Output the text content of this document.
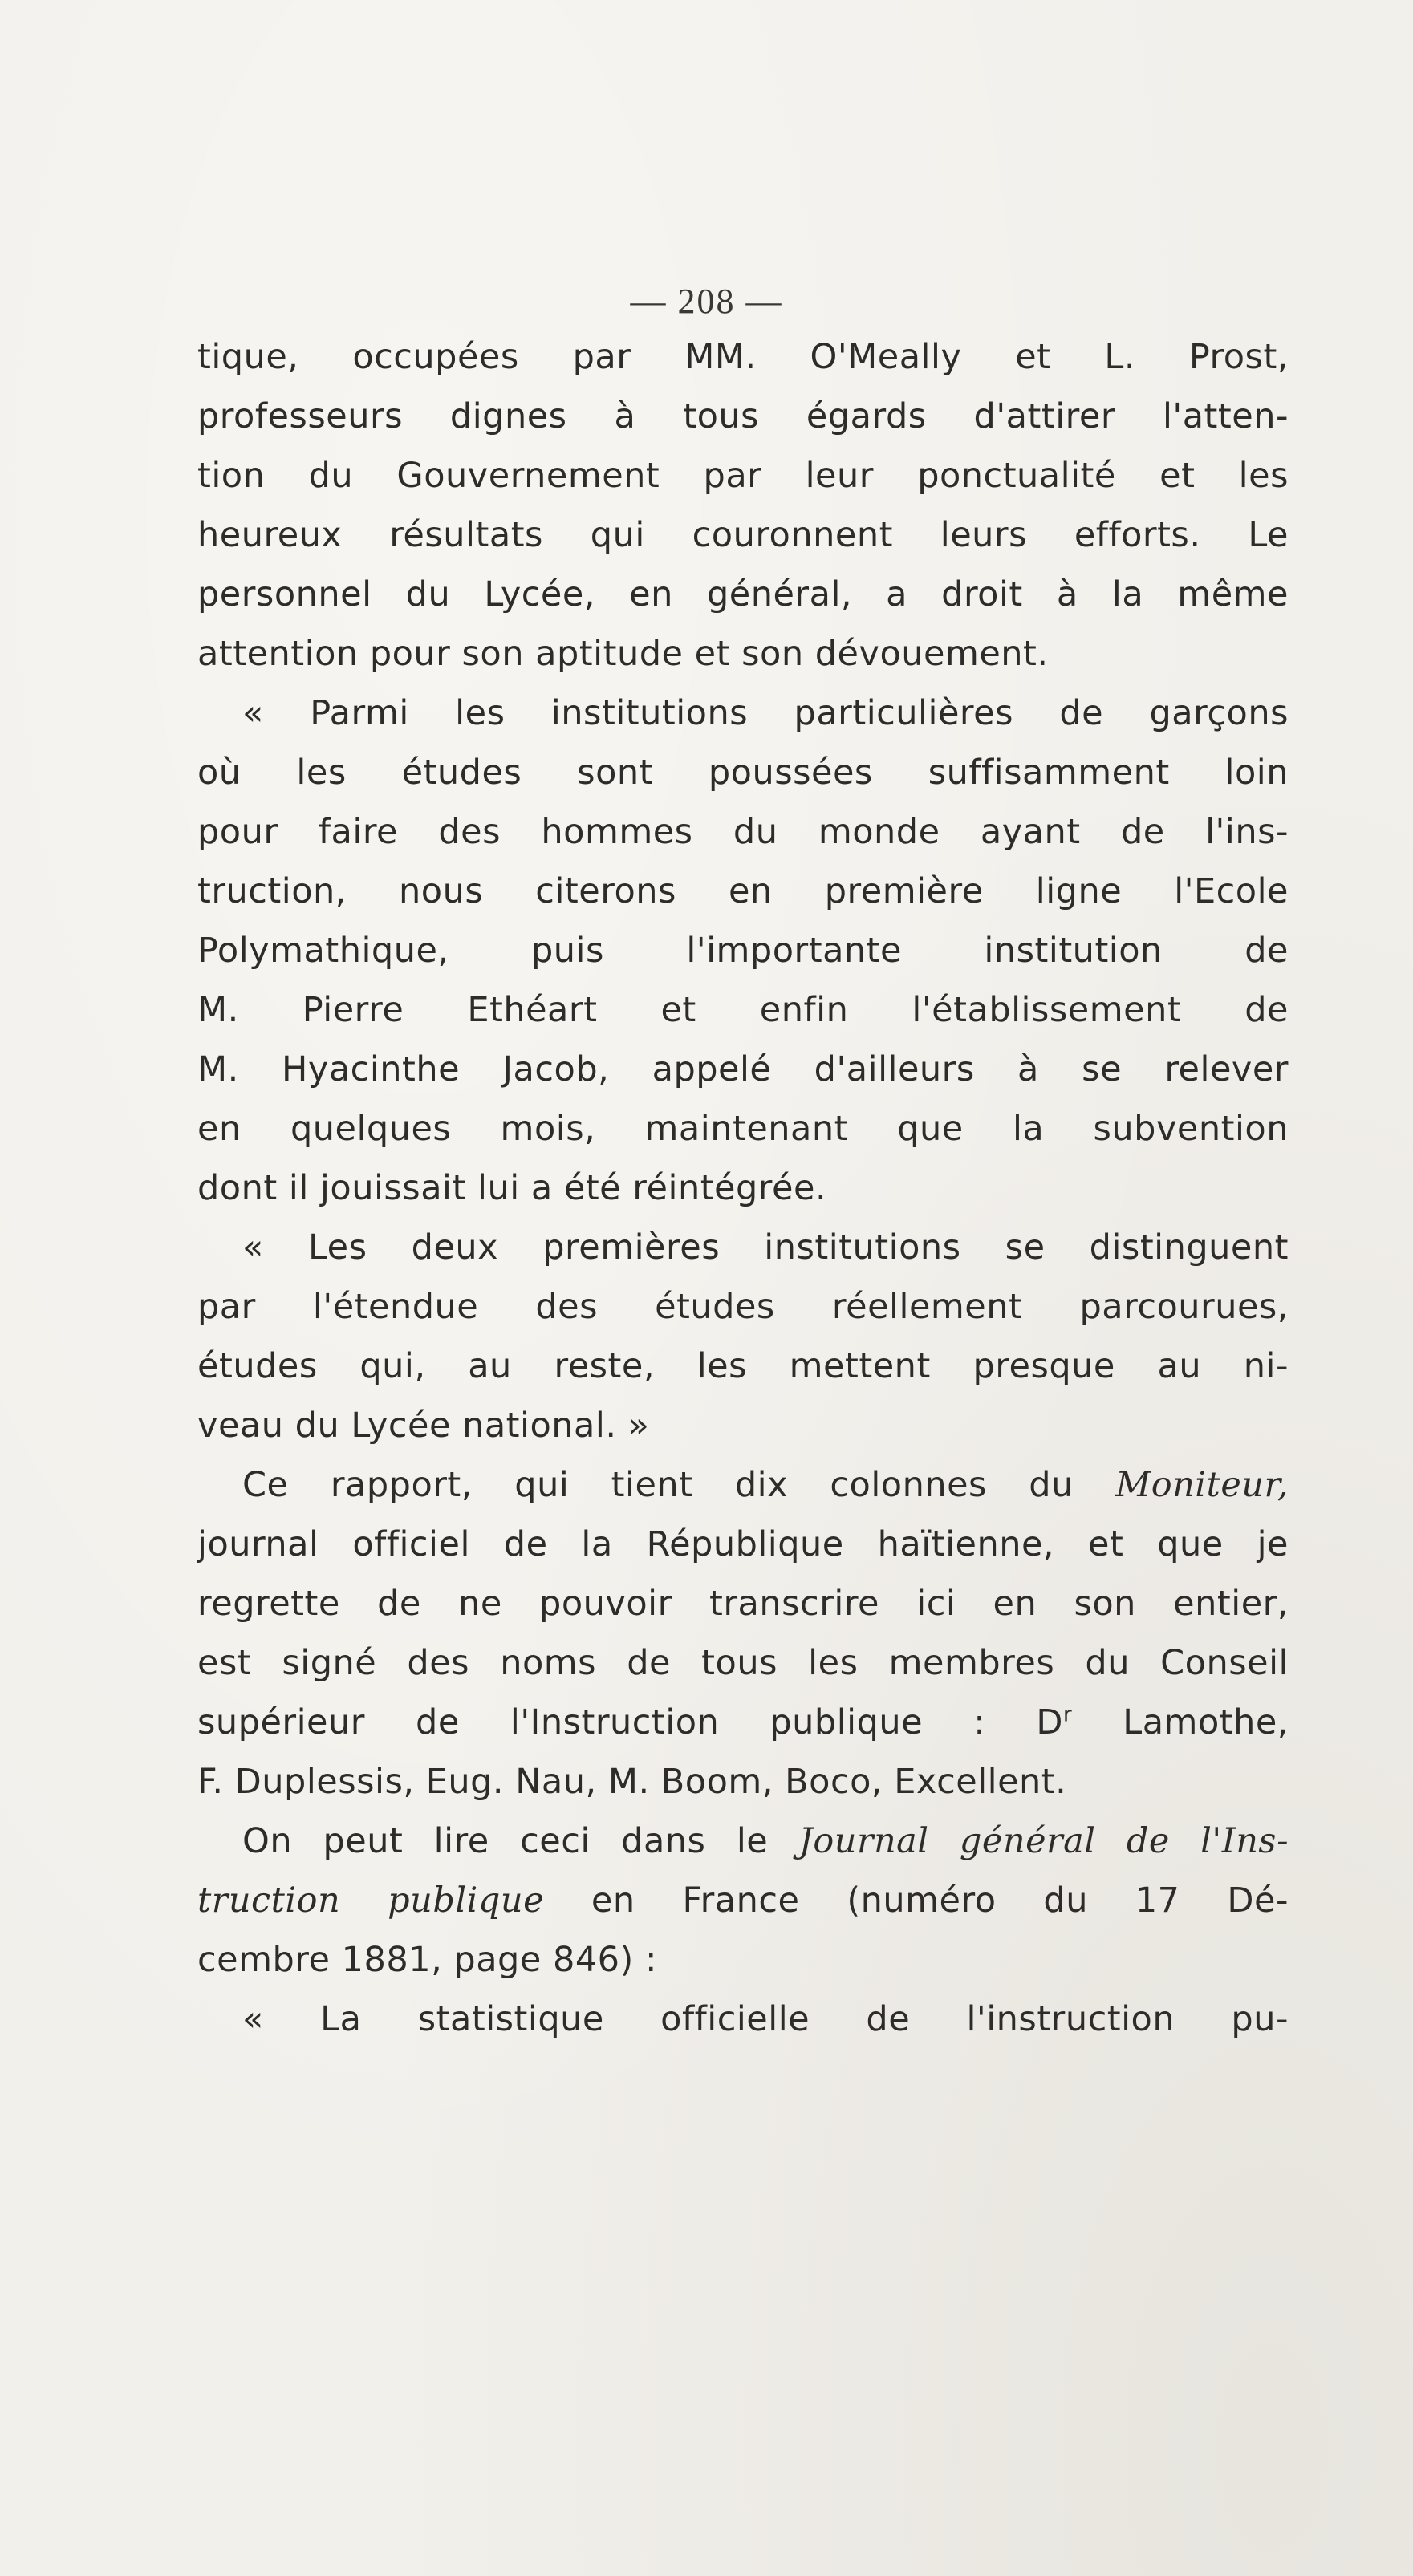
— 208 —
tique, occupées par MM. O'Meally et L. Prost,
professeurs dignes à tous égards d'attirer l'atten-
tion du Gouvernement par leur ponctualité et les
heureux résultats qui couronnent leurs efforts. Le
personnel du Lycée, en général, a droit à la même
attention pour son aptitude et son dévouement.
« Parmi les institutions particulières de garçons
où les études sont poussées suffisamment loin
pour faire des hommes du monde ayant de l'ins-
truction, nous citerons en première ligne l'Ecole
Polymathique, puis l'importante institution de
M. Pierre Ethéart et enfin l'établissement de
M. Hyacinthe Jacob, appelé d'ailleurs à se relever
en quelques mois, maintenant que la subvention
dont il jouissait lui a été réintégrée.
« Les deux premières institutions se distinguent
par l'étendue des études réellement parcourues,
études qui, au reste, les mettent presque au ni-
veau du Lycée national. »
Ce rapport, qui tient dix colonnes du Moniteur,
journal officiel de la République haïtienne, et que je
regrette de ne pouvoir transcrire ici en son entier,
est signé des noms de tous les membres du Conseil
supérieur de l'Instruction publique : $D^r$ Lamothe,
F. Duplessis, Eug. Nau, M. Boom, Boco, Excellent.
On peut lire ceci dans le Journal général de l'Ins-
truction publique en France (numéro du 17 Dé-
cembre 1881, page 846) :
« La statistique officielle de l'instruction pu-
